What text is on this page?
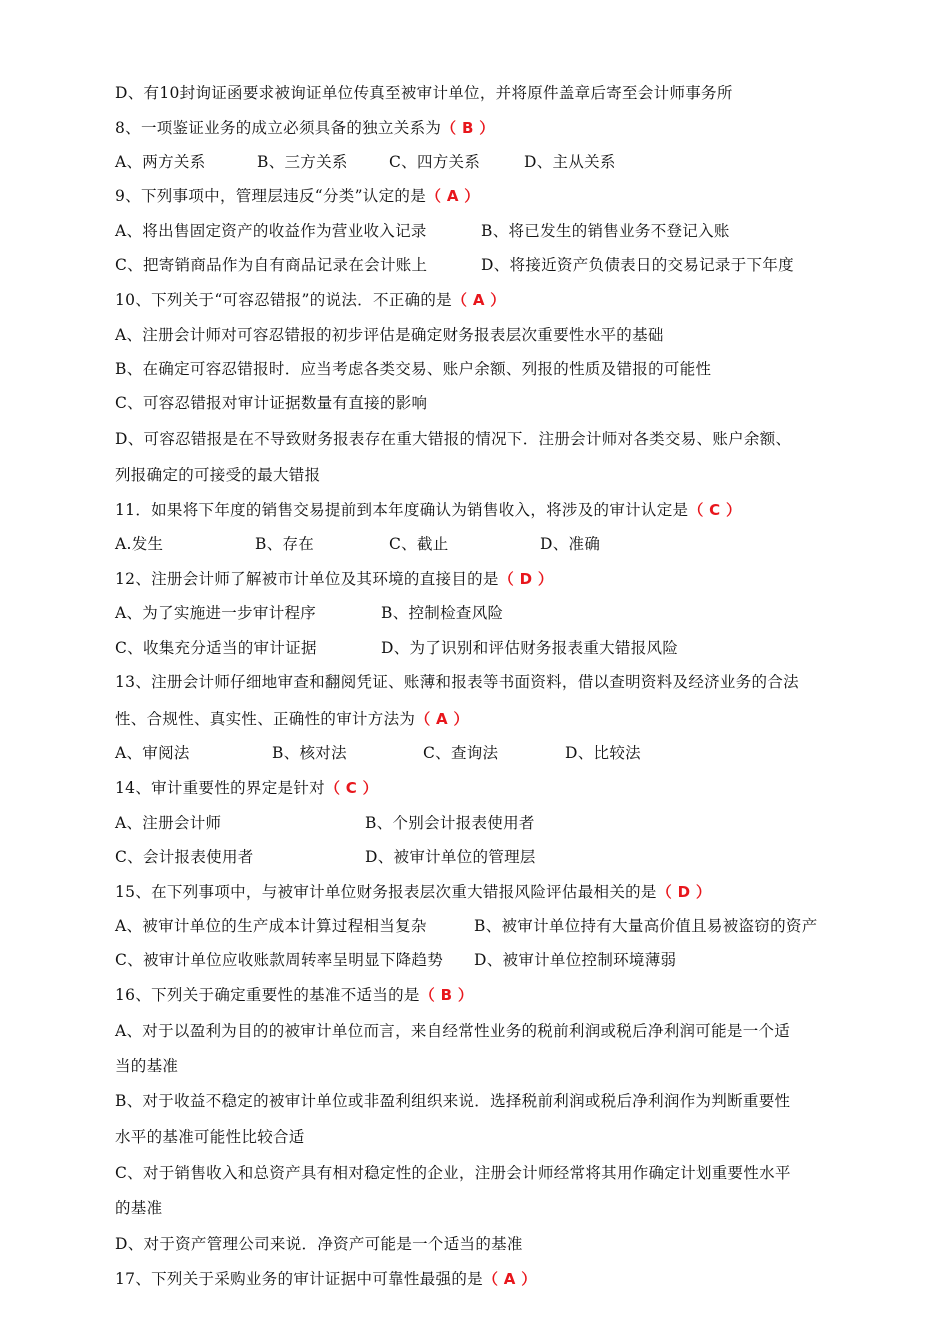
D、有10封询证函要求被询证单位传真至被审计单位，并将原件盖章后寄至会计师事务所
8、一项鉴证业务的成立必须具备的独立关系为（ B ）
A、两方关系	B、三方关系	C、四方关系	D、主从关系
9、下列事项中，管理层违反“分类”认定的是（ A ）
A、将出售固定资产的收益作为营业收入记录	B、将已发生的销售业务不登记入账
C、把寄销商品作为自有商品记录在会计账上	D、将接近资产负债表日的交易记录于下年度
10、下列关于“可容忍错报”的说法．不正确的是（ A ）
A、注册会计师对可容忍错报的初步评估是确定财务报表层次重要性水平的基础
B、在确定可容忍错报时．应当考虑各类交易、账户余额、列报的性质及错报的可能性
C、可容忍错报对审计证据数量有直接的影响
D、可容忍错报是在不导致财务报表存在重大错报的情况下．注册会计师对各类交易、账户余额、
列报确定的可接受的最大错报
11．如果将下年度的销售交易提前到本年度确认为销售收入，将涉及的审计认定是（ C ）
A.发生	B、存在	C、截止	D、准确
12、注册会计师了解被市计单位及其环境的直接目的是（ D ）
A、为了实施进一步审计程序	B、控制检查风险
C、收集充分适当的审计证据	D、为了识别和评估财务报表重大错报风险
13、注册会计师仔细地审查和翻阅凭证、账薄和报表等书面资料，借以查明资料及经济业务的合法
性、合规性、真实性、正确性的审计方法为（ A ）
A、审阅法	B、核对法	C、查询法	D、比较法
14、审计重要性的界定是针对（ C ）
A、注册会计师	B、个别会计报表使用者
C、会计报表使用者	D、被审计单位的管理层
15、在下列事项中，与被审计单位财务报表层次重大错报风险评估最相关的是（ D ）
A、被审计单位的生产成本计算过程相当复杂	B、被审计单位持有大量高价值且易被盗窃的资产
C、被审计单位应收账款周转率呈明显下降趋势 D、被审计单位控制环境薄弱
16、下列关于确定重要性的基准不适当的是（ B ）
A、对于以盈利为目的的被审计单位而言，来自经常性业务的税前利润或税后净利润可能是一个适
当的基准
B、对于收益不稳定的被审计单位或非盈利组织来说．选择税前利润或税后净利润作为判断重要性
水平的基准可能性比较合适
C、对于销售收入和总资产具有相对稳定性的企业，注册会计师经常将其用作确定计划重要性水平
的基准
D、对于资产管理公司来说．净资产可能是一个适当的基准
17、下列关于采购业务的审计证据中可靠性最强的是（ A ）
